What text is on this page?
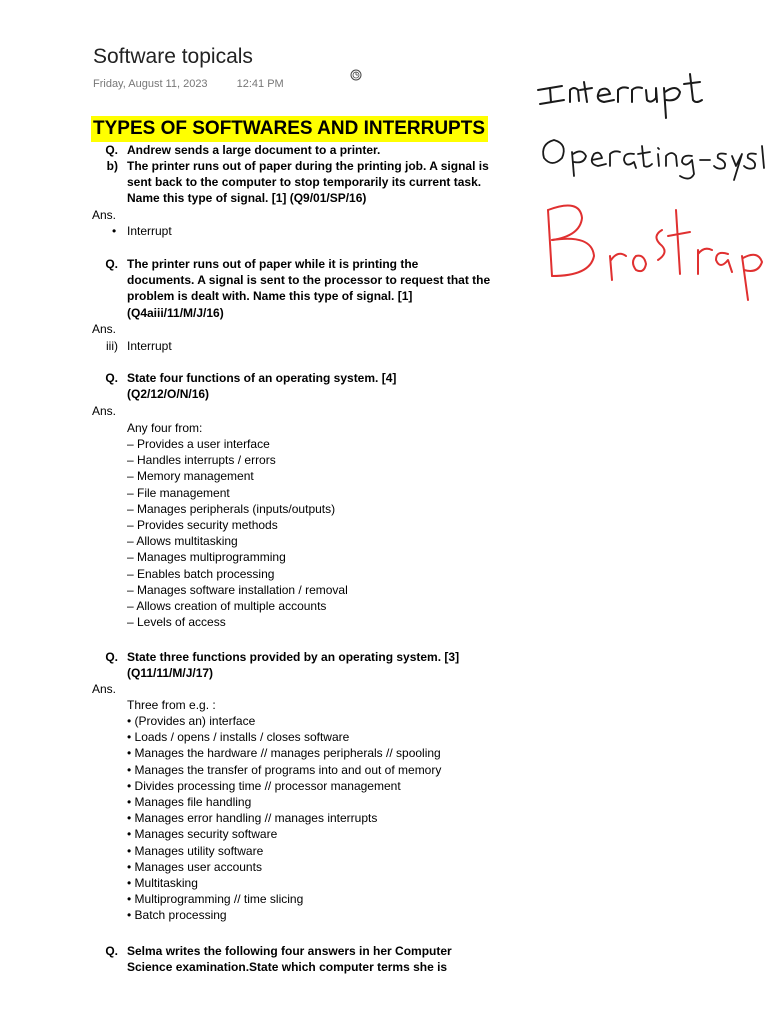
Software topicals
Friday, August 11, 2023	12:41 PM
TYPES OF SOFTWARES AND INTERRUPTS
Q. Andrew sends a large document to a printer.
b) The printer runs out of paper during the printing job. A signal is
sent back to the computer to stop temporarily its current task.
Name this type of signal. [1] (Q9/01/SP/16)
Ans.
• Interrupt
Q. The printer runs out of paper while it is printing the
documents. A signal is sent to the processor to request that the
problem is dealt with. Name this type of signal. [1]
(Q4aiii/11/M/J/16)
Ans.
iii) Interrupt
Q. State four functions of an operating system. [4]
(Q2/12/O/N/16)
Ans.
Any four from:
– Provides a user interface
– Handles interrupts / errors
– Memory management
– File management
– Manages peripherals (inputs/outputs)
– Provides security methods
– Allows multitasking
– Manages multiprogramming
– Enables batch processing
– Manages software installation / removal
– Allows creation of multiple accounts
– Levels of access
Q. State three functions provided by an operating system. [3]
(Q11/11/M/J/17)
Ans.
Three from e.g. :
• (Provides an) interface
• Loads / opens / installs / closes software
• Manages the hardware // manages peripherals // spooling
• Manages the transfer of programs into and out of memory
• Divides processing time // processor management
• Manages file handling
• Manages error handling // manages interrupts
• Manages security software
• Manages utility software
• Manages user accounts
• Multitasking
• Multiprogramming // time slicing
• Batch processing
Q. Selma writes the following four answers in her Computer
Science examination.State which computer terms she is
